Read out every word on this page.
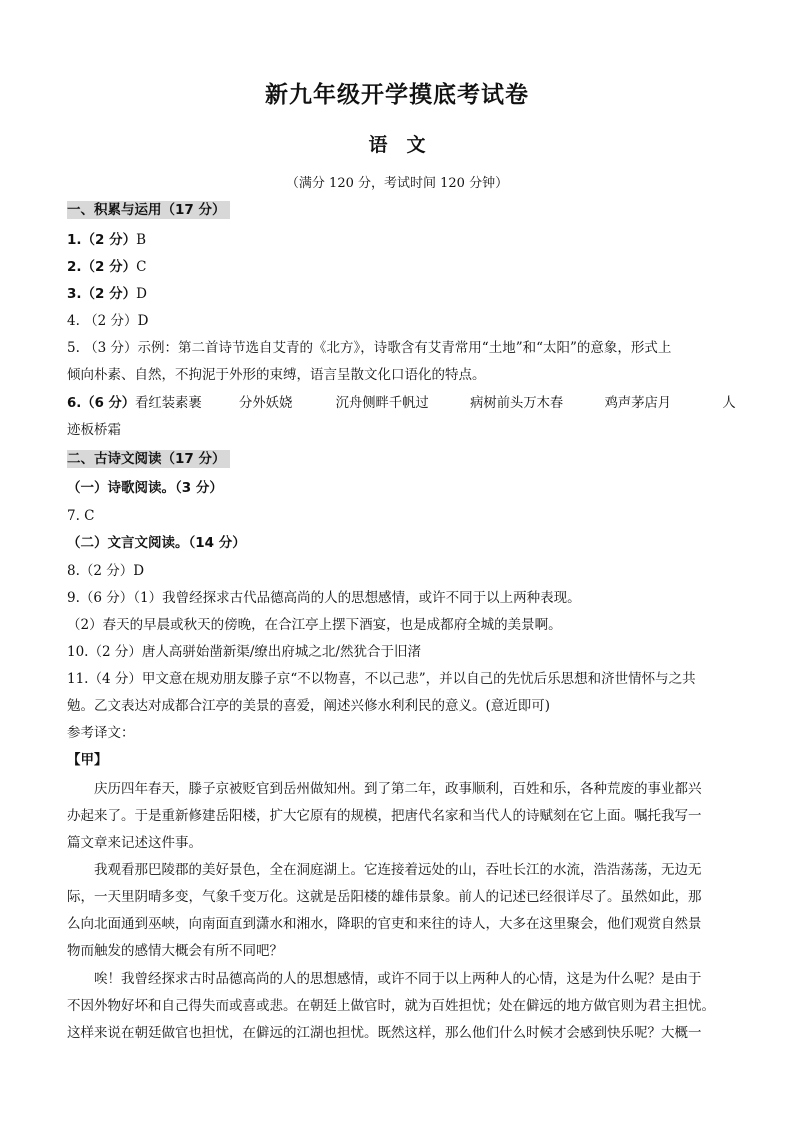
新九年级开学摸底考试卷
语　文
（满分 120 分，考试时间 120 分钟）
一、积累与运用（17 分）
1.（2 分）B
2.（2 分）C
3.（2 分）D
4. （2 分）D
5. （3 分）示例：第二首诗节选自艾青的《北方》，诗歌含有艾青常用“土地”和“太阳”的意象，形式上
倾向朴素、自然，不拘泥于外形的束缚，语言呈散文化口语化的特点。
6.（6 分）看红装素裹	分外妖娆	沉舟侧畔千帆过	病树前头万木春	鸡声茅店月	人
迹板桥霜
二、古诗文阅读（17 分）
（一）诗歌阅读。（3 分）
7. C
（二）文言文阅读。（14 分）
8.（2 分）D
9.（6 分）（1）我曾经探求古代品德高尚的人的思想感情，或许不同于以上两种表现。
（2）春天的早晨或秋天的傍晚，在合江亭上摆下酒宴，也是成都府全城的美景啊。
10.（2 分）唐人高骈始凿新渠/缭出府城之北/然犹合于旧渚
11.（4 分）甲文意在规劝朋友滕子京“不以物喜，不以己悲”，并以自己的先忧后乐思想和济世情怀与之共
勉。乙文表达对成都合江亭的美景的喜爱，阐述兴修水利利民的意义。(意近即可)
参考译文：
【甲】
　　庆历四年春天，滕子京被贬官到岳州做知州。到了第二年，政事顺利，百姓和乐，各种荒废的事业都兴
办起来了。于是重新修建岳阳楼，扩大它原有的规模，把唐代名家和当代人的诗赋刻在它上面。嘱托我写一
篇文章来记述这件事。
　　我观看那巴陵郡的美好景色，全在洞庭湖上。它连接着远处的山，吞吐长江的水流，浩浩荡荡，无边无
际，一天里阴晴多变，气象千变万化。这就是岳阳楼的雄伟景象。前人的记述已经很详尽了。虽然如此，那
么向北面通到巫峡，向南面直到潇水和湘水，降职的官吏和来往的诗人，大多在这里聚会，他们观赏自然景
物而触发的感情大概会有所不同吧？
　　唉！我曾经探求古时品德高尚的人的思想感情，或许不同于以上两种人的心情，这是为什么呢？是由于
不因外物好坏和自己得失而或喜或悲。在朝廷上做官时，就为百姓担忧；处在僻远的地方做官则为君主担忧。
这样来说在朝廷做官也担忧，在僻远的江湖也担忧。既然这样，那么他们什么时候才会感到快乐呢？大概一
